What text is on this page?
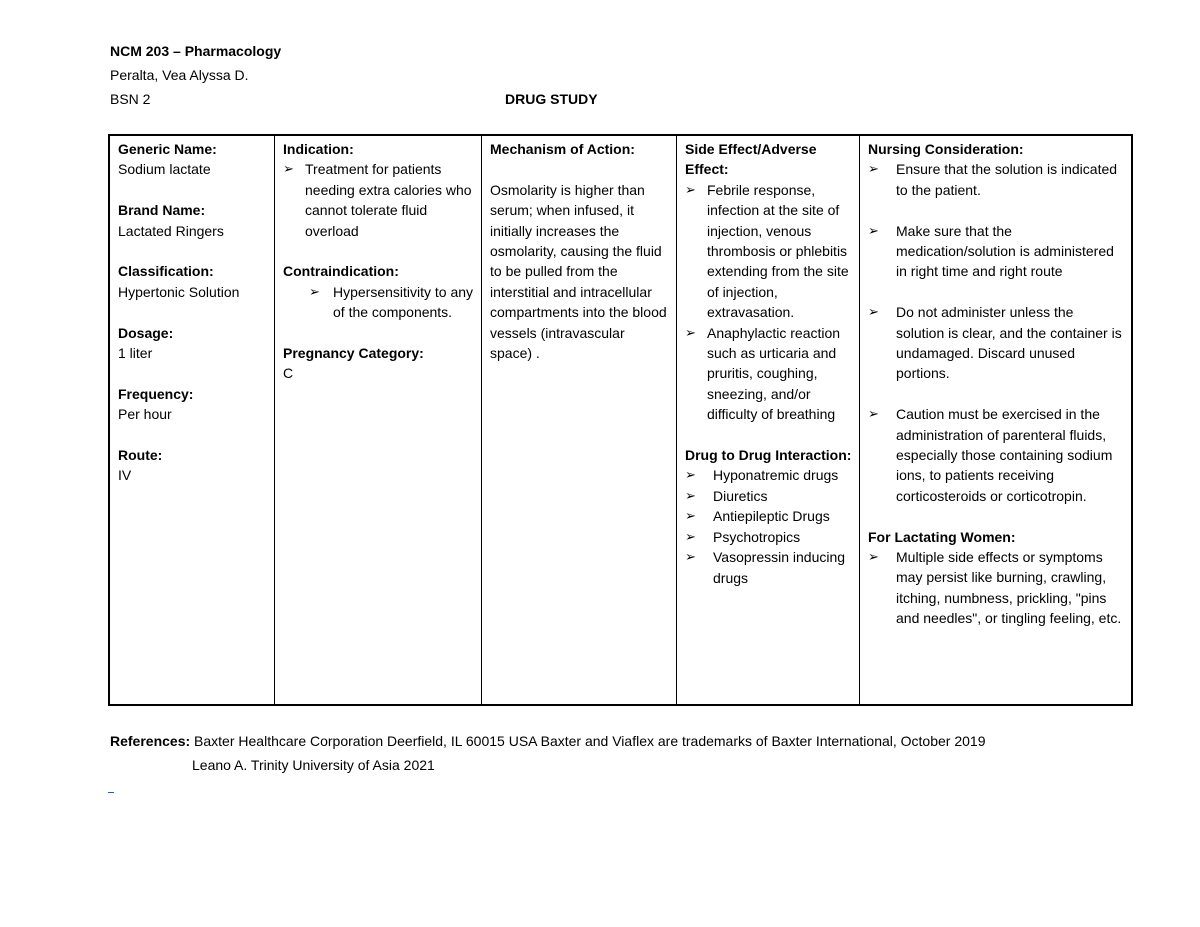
NCM 203 – Pharmacology
Peralta, Vea Alyssa D.
BSN 2	DRUG STUDY
Generic Name:
Sodium lactate
Brand Name:
Lactated Ringers
Classification:
Hypertonic Solution
Dosage:
1 liter
Frequency:
Per hour
Route:
IV
Indication:
➢ Treatment for patients needing extra calories who cannot tolerate fluid overload
Contraindication:
➢ Hypersensitivity to any of the components.
Pregnancy Category:
C
Mechanism of Action:
Osmolarity is higher than serum; when infused, it initially increases the osmolarity, causing the fluid to be pulled from the interstitial and intracellular compartments into the blood vessels (intravascular space) .
Side Effect/Adverse Effect:
➢ Febrile response, infection at the site of injection, venous thrombosis or phlebitis extending from the site of injection, extravasation.
➢ Anaphylactic reaction such as urticaria and pruritis, coughing, sneezing, and/or difficulty of breathing
Drug to Drug Interaction:
➢ Hyponatremic drugs
➢ Diuretics
➢ Antiepileptic Drugs
➢ Psychotropics
➢ Vasopressin inducing drugs
Nursing Consideration:
➢ Ensure that the solution is indicated to the patient.
➢ Make sure that the medication/solution is administered in right time and right route
➢ Do not administer unless the solution is clear, and the container is undamaged. Discard unused portions.
➢ Caution must be exercised in the administration of parenteral fluids, especially those containing sodium ions, to patients receiving corticosteroids or corticotropin.
For Lactating Women:
➢ Multiple side effects or symptoms may persist like burning, crawling, itching, numbness, prickling, "pins and needles", or tingling feeling, etc.
References: Baxter Healthcare Corporation Deerfield, IL 60015 USA Baxter and Viaflex are trademarks of Baxter International, October 2019
Leano A. Trinity University of Asia 2021
